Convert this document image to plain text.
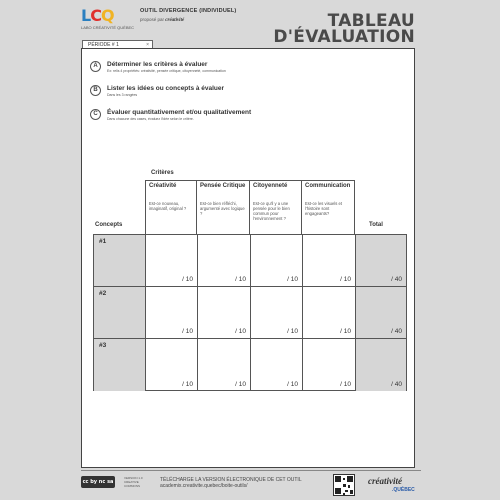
LCQ
LABO CRÉATIVITÉ QUÉBEC
OUTIL DIVERGENCE (INDIVIDUEL)
proposé par créativité	TABLEAU
D'ÉVALUATION
PÉRIODE # 1	×
A	Déterminer les critères à évaluer
Ex: relis 4 propriétés: créativité, pensée critique, citoyenneté, communication
B	Lister les idées ou concepts à évaluer
Dans les 3 rangées
C	Évaluer quantitativement et/ou qualitativement
Dans chacune des cases, évaluez l'idée selon le critère.
Critères
Concepts	Total
Créativité
Est-ce nouveau, imaginatif, original ?
Pensée Critique
Est-ce bien réfléchi, argumenté avec logique ?
Citoyenneté
Est-ce qu'il y a une pensée pour le bien commun pour l'environnement ?
Communication
Est-ce les visuels et l'histoire sont engageants?
#1
/ 10	/ 10	/ 10	/ 10	/ 40
#2
/ 10	/ 10	/ 10	/ 10	/ 40
#3
/ 10	/ 10	/ 10	/ 10	/ 40
cc by nc sa
VERSION 1.0 CREATIVE COMMONS
TÉLÉCHARGE LA VERSION ÉLECTRONIQUE DE CET OUTIL
academix.creativite.quebec/boite-outils/	créativité
.QUÉBEC
